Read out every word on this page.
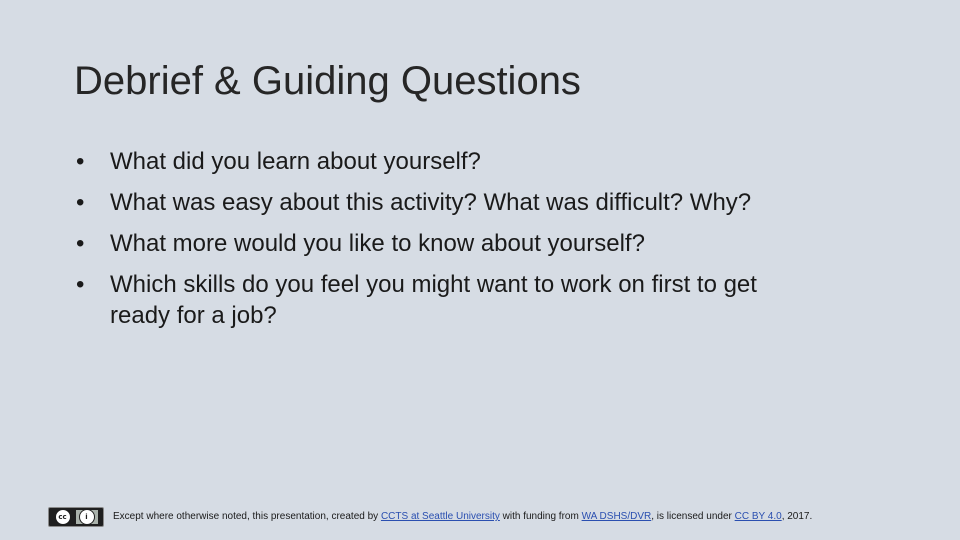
Debrief & Guiding Questions
• What did you learn about yourself?
• What was easy about this activity? What was difficult? Why?
• What more would you like to know about yourself?
• Which skills do you feel you might want to work on first to get
ready for a job?
cc	i	Except where otherwise noted, this presentation, created by CCTS at Seattle University with funding from WA DSHS/DVR, is licensed under CC BY 4.0, 2017.
